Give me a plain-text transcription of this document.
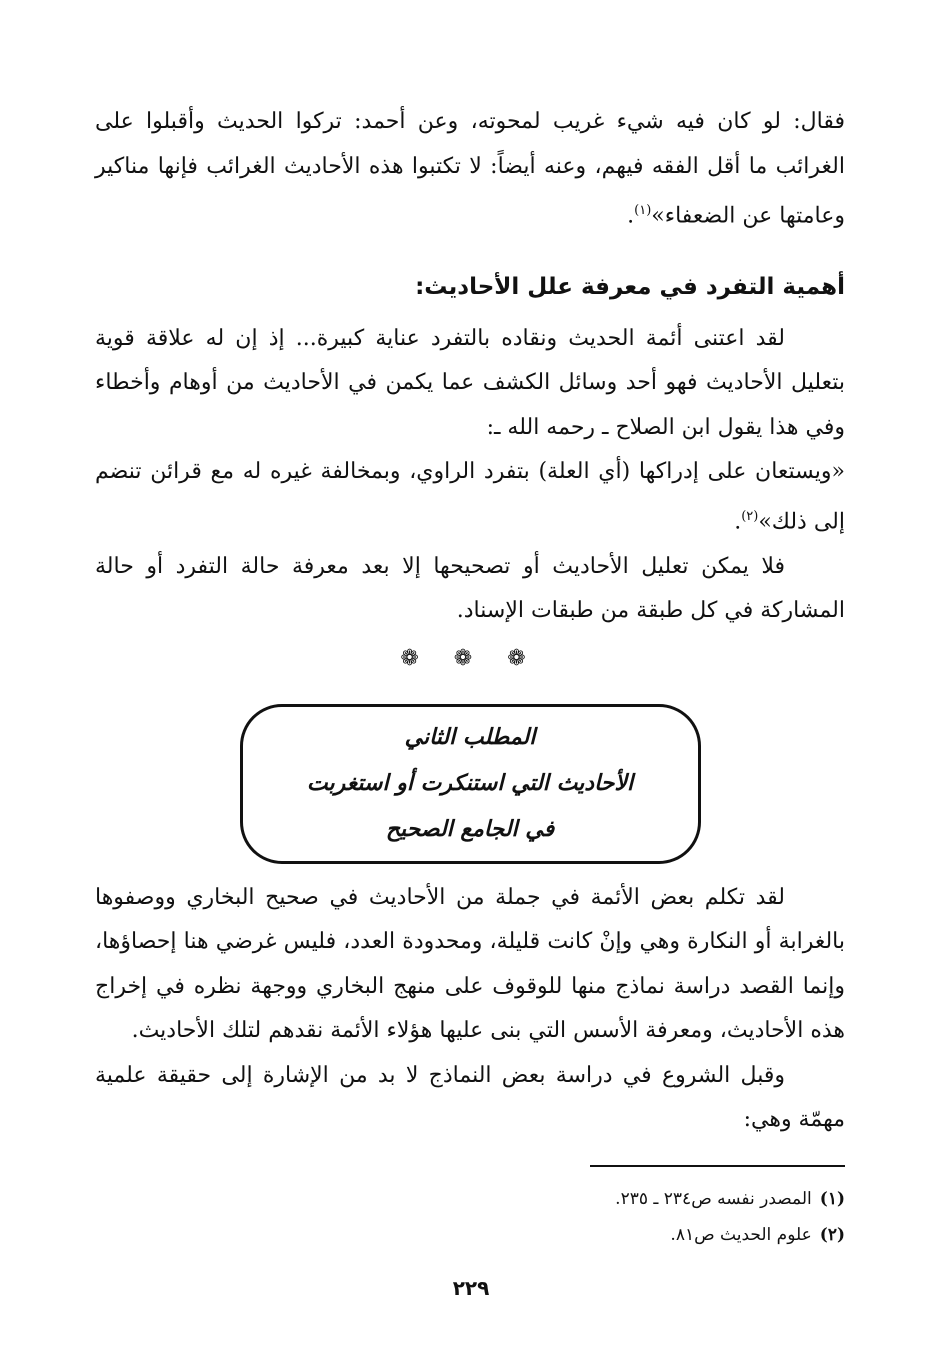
فقال: لو كان فيه شيء غريب لمحوته، وعن أحمد: تركوا الحديث وأقبلوا على الغرائب ما أقل الفقه فيهم، وعنه أيضاً: لا تكتبوا هذه الأحاديث الغرائب فإنها مناكير وعامتها عن الضعفاء»$^{(١)}$.

أهمية التفرد في معرفة علل الأحاديث:

لقد اعتنى أئمة الحديث ونقاده بالتفرد عناية كبيرة... إذ إن له علاقة قوية بتعليل الأحاديث فهو أحد وسائل الكشف عما يكمن في الأحاديث من أوهام وأخطاء وفي هذا يقول ابن الصلاح ـ رحمه الله ـ:

«ويستعان على إدراكها (أي العلة) بتفرد الراوي، وبمخالفة غيره له مع قرائن تنضم إلى ذلك»$^{(٢)}$.

فلا يمكن تعليل الأحاديث أو تصحيحها إلا بعد معرفة حالة التفرد أو حالة المشاركة في كل طبقة من طبقات الإسناد.

❁ ❁ ❁
المطلب الثاني
الأحاديث التي استنكرت أو استغربت
في الجامع الصحيح

لقد تكلم بعض الأئمة في جملة من الأحاديث في صحيح البخاري ووصفوها بالغرابة أو النكارة وهي وإنْ كانت قليلة، ومحدودة العدد، فليس غرضي هنا إحصاؤها، وإنما القصد دراسة نماذج منها للوقوف على منهج البخاري ووجهة نظره في إخراج هذه الأحاديث، ومعرفة الأسس التي بنى عليها هؤلاء الأئمة نقدهم لتلك الأحاديث.

وقبل الشروع في دراسة بعض النماذج لا بد من الإشارة إلى حقيقة علمية مهمّة وهي:

(١)المصدر نفسه ص٢٣٤ ـ ٢٣٥.

(٢)علوم الحديث ص٨١.

٢٢٩
